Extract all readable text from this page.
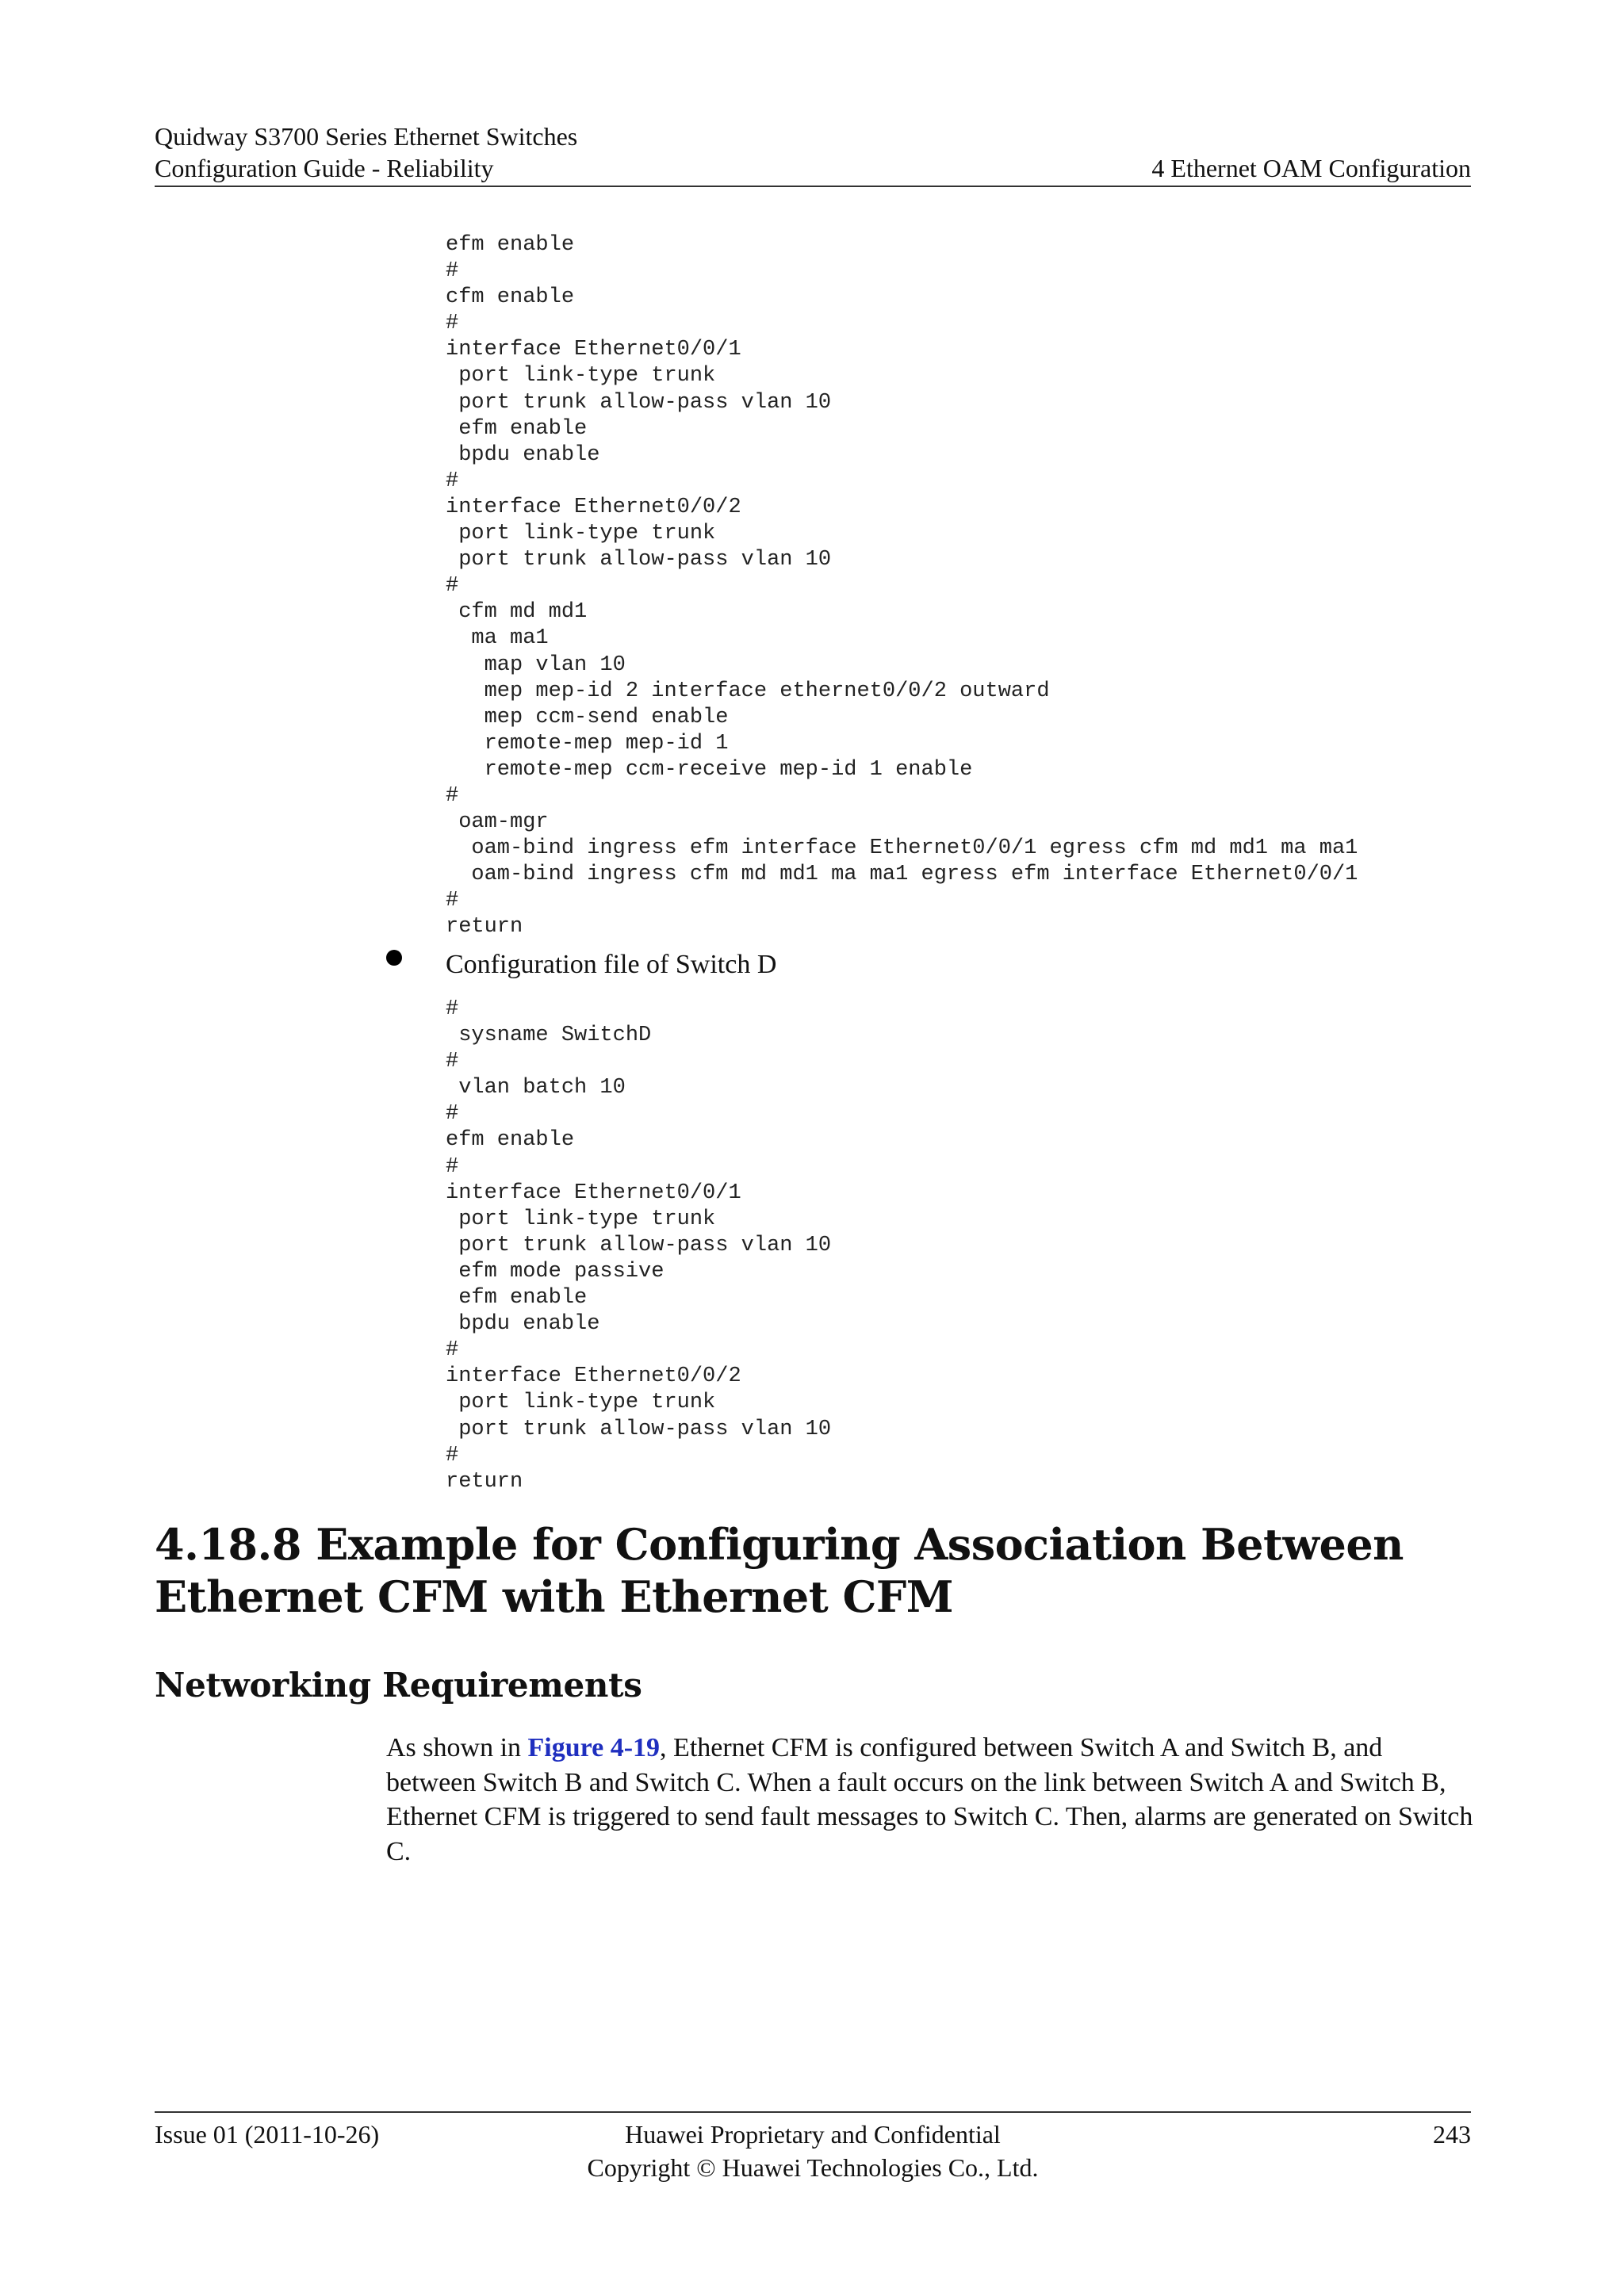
Quidway S3700 Series Ethernet Switches
Configuration Guide - Reliability	4 Ethernet OAM Configuration
efm enable
#
cfm enable
#
interface Ethernet0/0/1
port link-type trunk
port trunk allow-pass vlan 10
efm enable
bpdu enable
#
interface Ethernet0/0/2
port link-type trunk
port trunk allow-pass vlan 10
#
cfm md md1
ma ma1
map vlan 10
mep mep-id 2 interface ethernet0/0/2 outward
mep ccm-send enable
remote-mep mep-id 1
remote-mep ccm-receive mep-id 1 enable
#
oam-mgr
oam-bind ingress efm interface Ethernet0/0/1 egress cfm md md1 ma ma1
oam-bind ingress cfm md md1 ma ma1 egress efm interface Ethernet0/0/1
#
return
Configuration file of Switch D
#
sysname SwitchD
#
vlan batch 10
#
efm enable
#
interface Ethernet0/0/1
port link-type trunk
port trunk allow-pass vlan 10
efm mode passive
efm enable
bpdu enable
#
interface Ethernet0/0/2
port link-type trunk
port trunk allow-pass vlan 10
#
return
4.18.8 Example for Configuring Association Between Ethernet CFM with Ethernet CFM
Networking Requirements

As shown in Figure 4-19, Ethernet CFM is configured between Switch A and Switch B, and between Switch B and Switch C. When a fault occurs on the link between Switch A and Switch B, Ethernet CFM is triggered to send fault messages to Switch C. Then, alarms are generated on Switch C.

Issue 01 (2011-10-26)	Huawei Proprietary and Confidential
Copyright © Huawei Technologies Co., Ltd.
243
